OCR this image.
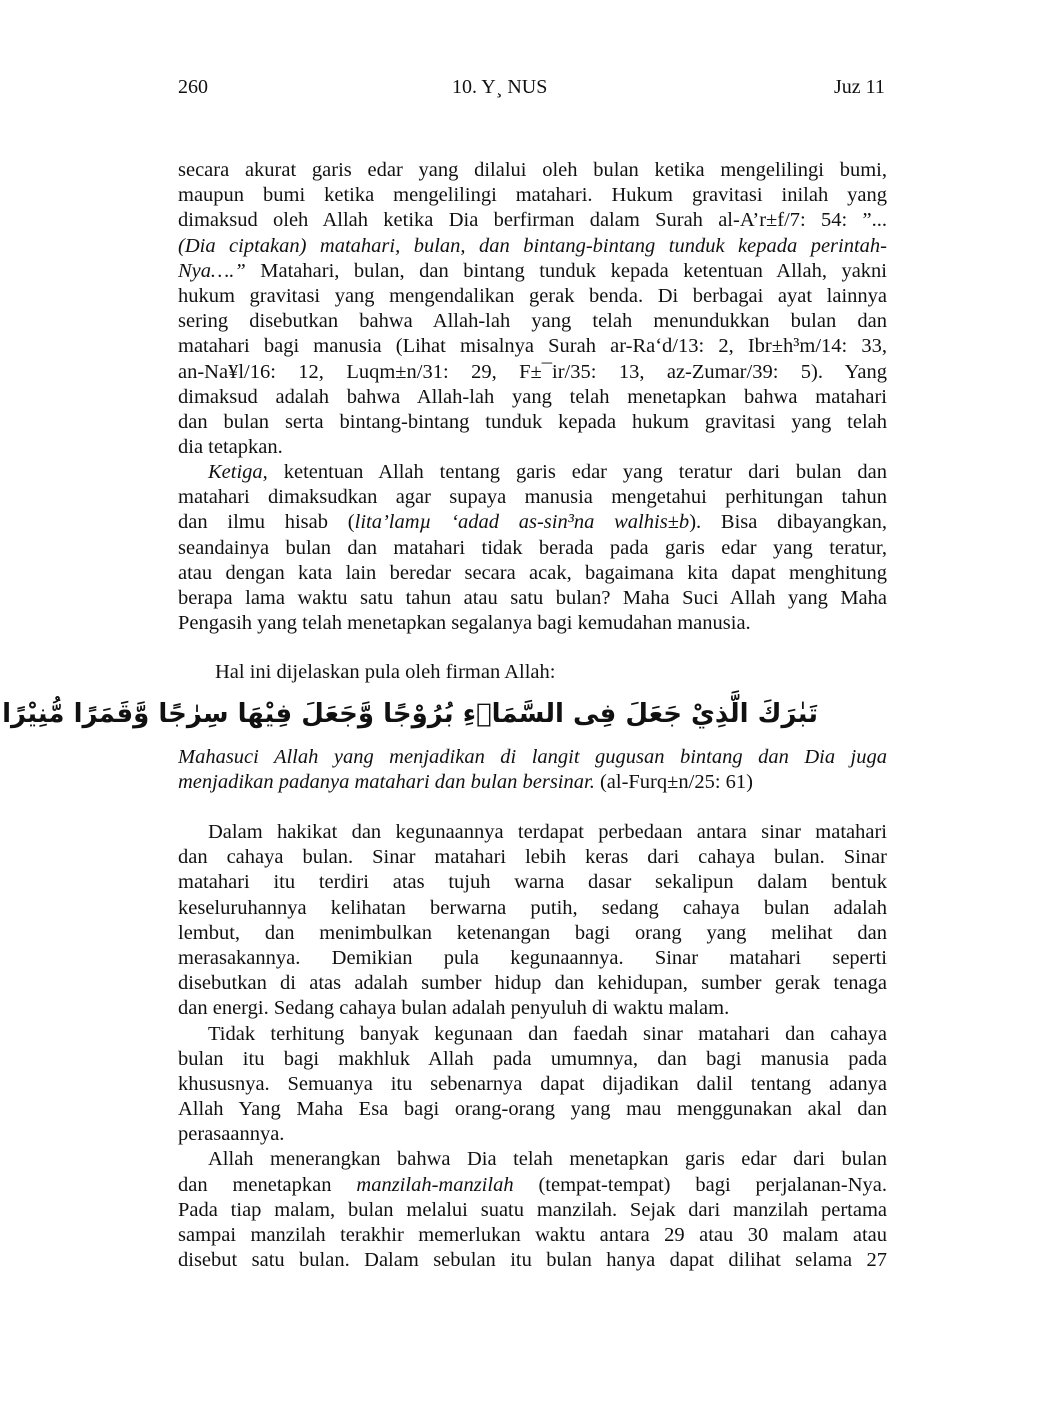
260	10. Y¸ NUS	Juz 11
secara akurat garis edar yang dilalui oleh bulan ketika mengelilingi bumi,
maupun bumi ketika mengelilingi matahari. Hukum gravitasi inilah yang
dimaksud oleh Allah ketika Dia berfirman dalam Surah al-A’r±f/7: 54: ”...
(Dia ciptakan) matahari, bulan, dan bintang-bintang tunduk kepada perintah-
Nya….” Matahari, bulan, dan bintang tunduk kepada ketentuan Allah, yakni
hukum gravitasi yang mengendalikan gerak benda. Di berbagai ayat lainnya
sering disebutkan bahwa Allah-lah yang telah menundukkan bulan dan
matahari bagi manusia (Lihat misalnya Surah ar-Ra‘d/13: 2, Ibr±h³m/14: 33,
an-Na¥l/16: 12, Luqm±n/31: 29, F±¯ir/35: 13, az-Zumar/39: 5). Yang
dimaksud adalah bahwa Allah-lah yang telah menetapkan bahwa matahari
dan bulan serta bintang-bintang tunduk kepada hukum gravitasi yang telah
dia tetapkan.
Ketiga, ketentuan Allah tentang garis edar yang teratur dari bulan dan
matahari dimaksudkan agar supaya manusia mengetahui perhitungan tahun
dan ilmu hisab (lita’lamµ ‘adad as-sin³na walhis±b). Bisa dibayangkan,
seandainya bulan dan matahari tidak berada pada garis edar yang teratur,
atau dengan kata lain beredar secara acak, bagaimana kita dapat menghitung
berapa lama waktu satu tahun atau satu bulan? Maha Suci Allah yang Maha
Pengasih yang telah menetapkan segalanya bagi kemudahan manusia.
Hal ini dijelaskan pula oleh firman Allah:
تَبٰرَكَ الَّذِيْ جَعَلَ فِى السَّمَاۤءِ بُرُوْجًا وَّجَعَلَ فِيْهَا سِرٰجًا وَّقَمَرًا مُّنِيْرًا
Mahasuci Allah yang menjadikan di langit gugusan bintang dan Dia juga
menjadikan padanya matahari dan bulan bersinar. (al-Furq±n/25: 61)
Dalam hakikat dan kegunaannya terdapat perbedaan antara sinar matahari
dan cahaya bulan. Sinar matahari lebih keras dari cahaya bulan. Sinar
matahari itu terdiri atas tujuh warna dasar sekalipun dalam bentuk
keseluruhannya kelihatan berwarna putih, sedang cahaya bulan adalah
lembut, dan menimbulkan ketenangan bagi orang yang melihat dan
merasakannya. Demikian pula kegunaannya. Sinar matahari seperti
disebutkan di atas adalah sumber hidup dan kehidupan, sumber gerak tenaga
dan energi. Sedang cahaya bulan adalah penyuluh di waktu malam.
Tidak terhitung banyak kegunaan dan faedah sinar matahari dan cahaya
bulan itu bagi makhluk Allah pada umumnya, dan bagi manusia pada
khususnya. Semuanya itu sebenarnya dapat dijadikan dalil tentang adanya
Allah Yang Maha Esa bagi orang-orang yang mau menggunakan akal dan
perasaannya.
Allah menerangkan bahwa Dia telah menetapkan garis edar dari bulan
dan menetapkan manzilah-manzilah (tempat-tempat) bagi perjalanan-Nya.
Pada tiap malam, bulan melalui suatu manzilah. Sejak dari manzilah pertama
sampai manzilah terakhir memerlukan waktu antara 29 atau 30 malam atau
disebut satu bulan. Dalam sebulan itu bulan hanya dapat dilihat selama 27
